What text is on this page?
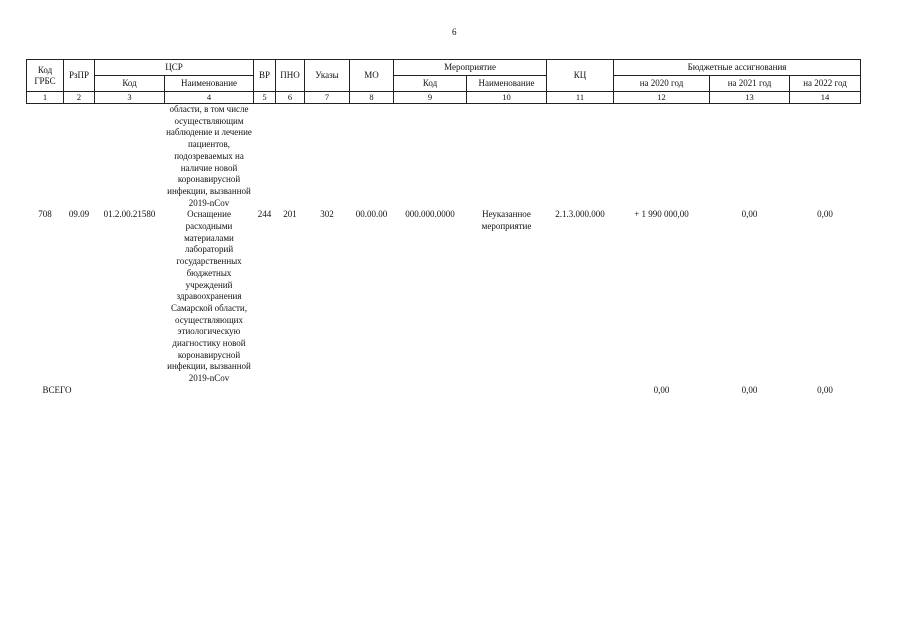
6
Код ГРБС	РзПР	ЦСР		ВР	ПНО	Указы	МО	Мероприятие		КЦ	Бюджетные ассигнования		
		Код	Наименование					Код	Наименование		на 2020 год	на 2021 год	на 2022 год
1	2	3	4	5	6	7	8	9	10	11	12	13	14
			области, в том числе осуществляющим наблюдение и лечение пациентов, подозреваемых на наличие новой коронавирусной инфекции, вызванной 2019-nCov										
708	09.09	01.2.00.21580	Оснащение расходными материалами лабораторий государственных бюджетных учреждений здравоохранения Самарской области, осуществляющих этиологическую диагностику новой коронавирусной инфекции, вызванной 2019-nCov	244	201	302	00.00.00	000.000.0000	Неуказанное мероприятие	2.1.3.000.000	+ 1 990 000,00	0,00	0,00
ВСЕГО											0,00	0,00	0,00
